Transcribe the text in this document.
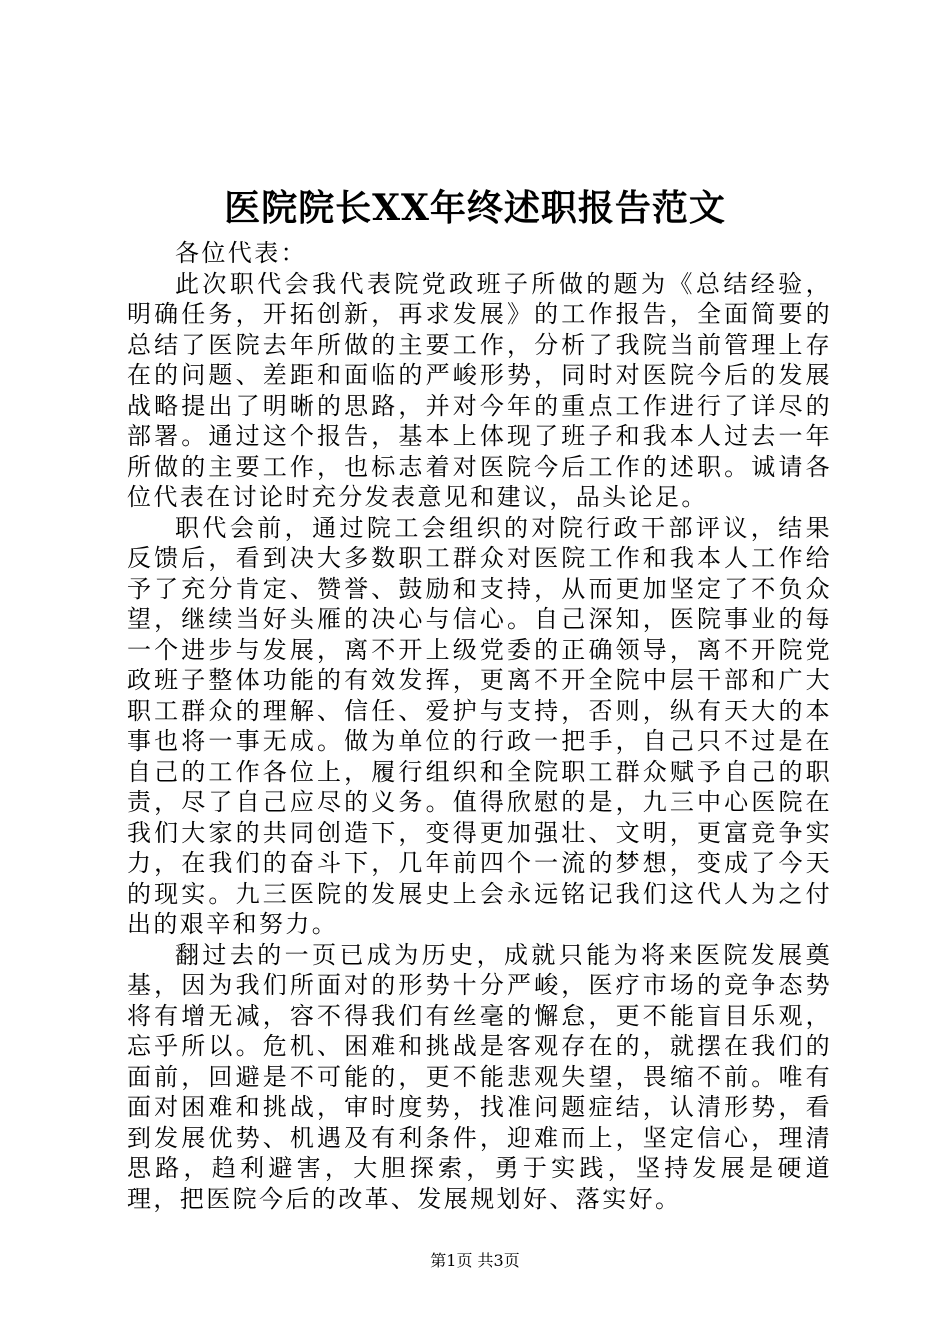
医院院长XX年终述职报告范文

各位代表：

此次职代会我代表院党政班子所做的题为《总结经验，明确任务，开拓创新，再求发展》的工作报告，全面简要的总结了医院去年所做的主要工作，分析了我院当前管理上存在的问题、差距和面临的严峻形势，同时对医院今后的发展战略提出了明晰的思路，并对今年的重点工作进行了详尽的部署。通过这个报告，基本上体现了班子和我本人过去一年所做的主要工作，也标志着对医院今后工作的述职。诚请各位代表在讨论时充分发表意见和建议，品头论足。

职代会前，通过院工会组织的对院行政干部评议，结果反馈后，看到决大多数职工群众对医院工作和我本人工作给予了充分肯定、赞誉、鼓励和支持，从而更加坚定了不负众望，继续当好头雁的决心与信心。自己深知，医院事业的每一个进步与发展，离不开上级党委的正确领导，离不开院党政班子整体功能的有效发挥，更离不开全院中层干部和广大职工群众的理解、信任、爱护与支持，否则，纵有天大的本事也将一事无成。做为单位的行政一把手，自己只不过是在自己的工作各位上，履行组织和全院职工群众赋予自己的职责，尽了自己应尽的义务。值得欣慰的是，九三中心医院在我们大家的共同创造下，变得更加强壮、文明，更富竞争实力，在我们的奋斗下，几年前四个一流的梦想，变成了今天的现实。九三医院的发展史上会永远铭记我们这代人为之付出的艰辛和努力。

翻过去的一页已成为历史，成就只能为将来医院发展奠基，因为我们所面对的形势十分严峻，医疗市场的竞争态势将有增无减，容不得我们有丝毫的懈怠，更不能盲目乐观，忘乎所以。危机、困难和挑战是客观存在的，就摆在我们的面前，回避是不可能的，更不能悲观失望，畏缩不前。唯有面对困难和挑战，审时度势，找准问题症结，认清形势，看到发展优势、机遇及有利条件，迎难而上，坚定信心，理清思路，趋利避害，大胆探索，勇于实践，坚持发展是硬道理，把医院今后的改革、发展规划好、落实好。

第1页 共3页
